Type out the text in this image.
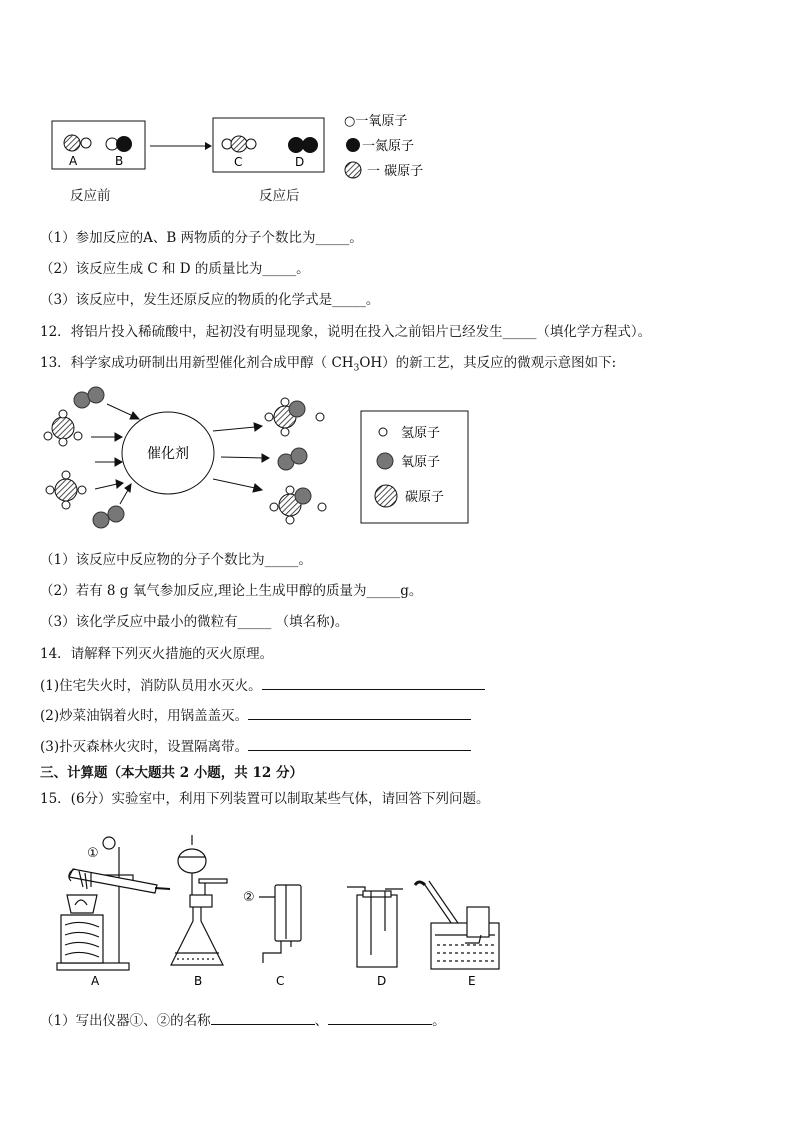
A	B	C	D
○一氧原子
一氮原子
一 碳原子
反应前	反应后
（1）参加反应的A、B 两物质的分子个数比为_____。
（2）该反应生成 C 和 D 的质量比为_____。
（3）该反应中，发生还原反应的物质的化学式是_____。
12．将铝片投入稀硫酸中，起初没有明显现象，说明在投入之前铝片已经发生_____（填化学方程式）。
13．科学家成功研制出用新型催化剂合成甲醇（ $CH_3OH$）的新工艺，其反应的微观示意图如下:
催化剂
氢原子
氧原子
碳原子
（1）该反应中反应物的分子个数比为_____。
（2）若有 8 g 氧气参加反应,理论上生成甲醇的质量为_____g。
（3）该化学反应中最小的微粒有_____ （填名称)。
14．请解释下列灭火措施的灭火原理。
(1)住宅失火时，消防队员用水灭火。
(2)炒菜油锅着火时，用锅盖盖灭。
(3)扑灭森林火灾时，设置隔离带。
三、计算题（本大题共 2 小题，共 12 分）
15．(6分）实验室中，利用下列装置可以制取某些气体，请回答下列问题。
①
②
A	B	C	D	E
（1）写出仪器①、②的名称	、	。
